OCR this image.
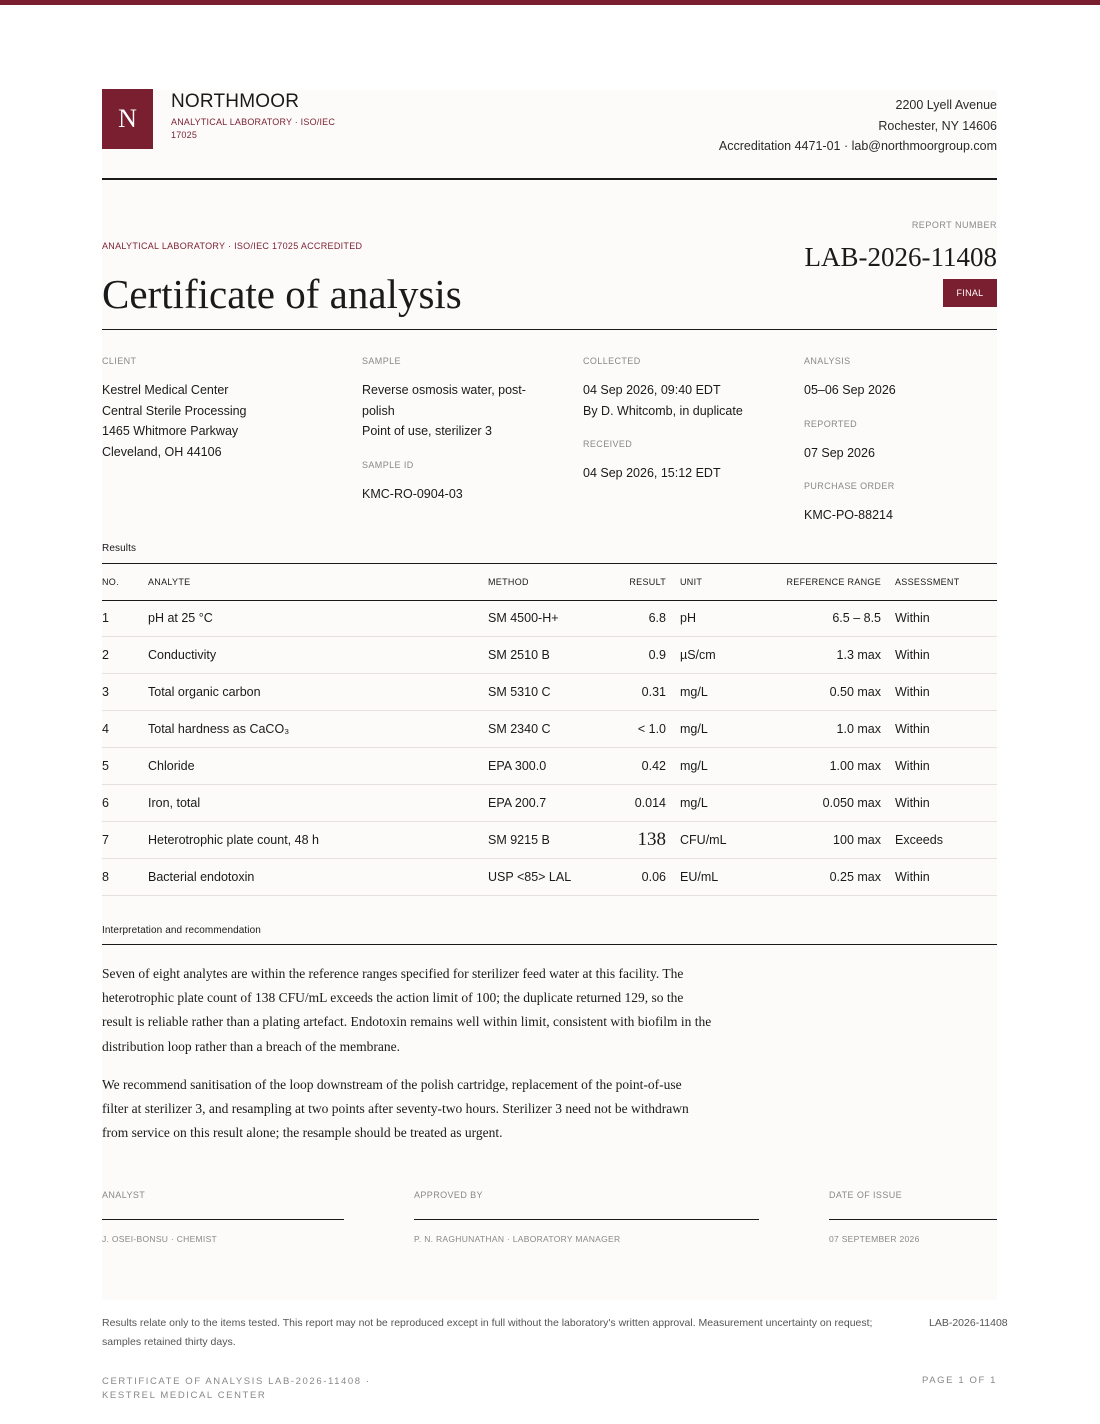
N
NORTHMOOR
ANALYTICAL LABORATORY · ISO/IEC 17025
2200 Lyell Avenue
Rochester, NY 14606
Accreditation 4471-01 · lab@northmoorgroup.com
ANALYTICAL LABORATORY · ISO/IEC 17025 ACCREDITED
Certificate of analysis
REPORT NUMBER
LAB-2026-11408
FINAL
CLIENT
Kestrel Medical Center
Central Sterile Processing
1465 Whitmore Parkway
Cleveland, OH 44106
SAMPLE
Reverse osmosis water, post-
polish
Point of use, sterilizer 3
SAMPLE ID
KMC-RO-0904-03
COLLECTED
04 Sep 2026, 09:40 EDT
By D. Whitcomb, in duplicate
RECEIVED
04 Sep 2026, 15:12 EDT
ANALYSIS
05–06 Sep 2026
REPORTED
07 Sep 2026
PURCHASE ORDER
KMC-PO-88214
Results
NO.	ANALYTE	METHOD	RESULT	UNIT	REFERENCE RANGE	ASSESSMENT
1	pH at 25 °C	SM 4500-H+	6.8	pH	6.5 – 8.5	Within
2	Conductivity	SM 2510 B	0.9	µS/cm	1.3 max	Within
3	Total organic carbon	SM 5310 C	0.31	mg/L	0.50 max	Within
4	Total hardness as CaCO₃	SM 2340 C	< 1.0	mg/L	1.0 max	Within
5	Chloride	EPA 300.0	0.42	mg/L	1.00 max	Within
6	Iron, total	EPA 200.7	0.014	mg/L	0.050 max	Within
7	Heterotrophic plate count, 48 h	SM 9215 B	138	CFU/mL	100 max	Exceeds
8	Bacterial endotoxin	USP <85> LAL	0.06	EU/mL	0.25 max	Within
Interpretation and recommendation
Seven of eight analytes are within the reference ranges specified for sterilizer feed water at this facility. The heterotrophic plate count of 138 CFU/mL exceeds the action limit of 100; the duplicate returned 129, so the result is reliable rather than a plating artefact. Endotoxin remains well within limit, consistent with biofilm in the distribution loop rather than a breach of the membrane.
We recommend sanitisation of the loop downstream of the polish cartridge, replacement of the point-of-use filter at sterilizer 3, and resampling at two points after seventy-two hours. Sterilizer 3 need not be withdrawn from service on this result alone; the resample should be treated as urgent.
ANALYST
J. OSEI-BONSU · CHEMIST
APPROVED BY
P. N. RAGHUNATHAN · LABORATORY MANAGER
DATE OF ISSUE
07 SEPTEMBER 2026
Results relate only to the items tested. This report may not be reproduced except in full without the laboratory's written approval. Measurement uncertainty on request; samples retained thirty days.
LAB-2026-11408
CERTIFICATE OF ANALYSIS LAB-2026-11408 · KESTREL MEDICAL CENTER
PAGE 1 OF 1
